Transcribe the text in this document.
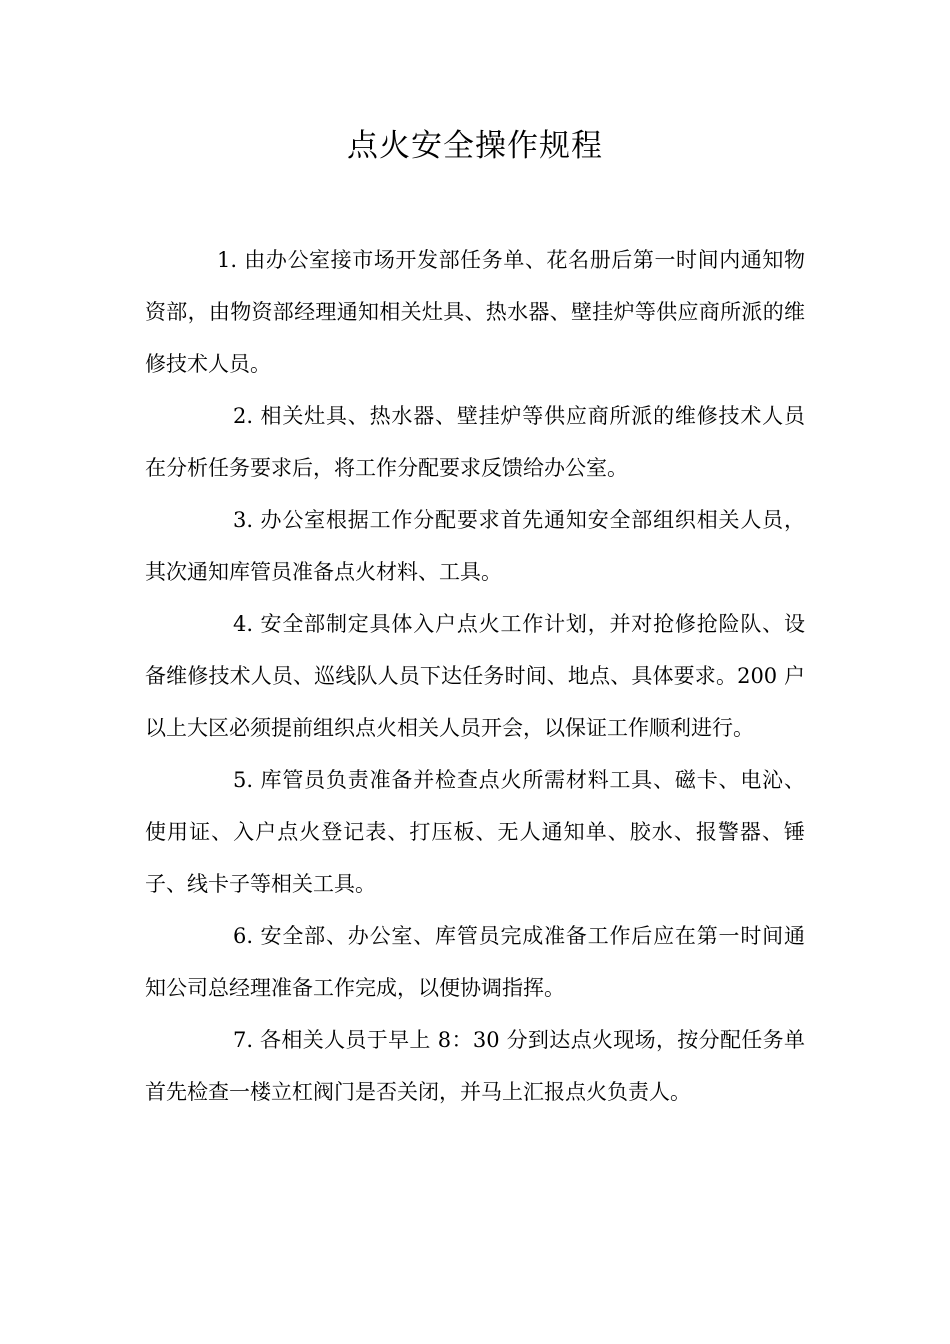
点火安全操作规程

1. 由办公室接市场开发部任务单、花名册后第一时间内通知物资部，由物资部经理通知相关灶具、热水器、壁挂炉等供应商所派的维修技术人员。

2. 相关灶具、热水器、壁挂炉等供应商所派的维修技术人员在分析任务要求后，将工作分配要求反馈给办公室。

3. 办公室根据工作分配要求首先通知安全部组织相关人员，其次通知库管员准备点火材料、工具。

4. 安全部制定具体入户点火工作计划，并对抢修抢险队、设备维修技术人员、巡线队人员下达任务时间、地点、具体要求。200 户以上大区必须提前组织点火相关人员开会，以保证工作顺利进行。

5. 库管员负责准备并检查点火所需材料工具、磁卡、电沁、使用证、入户点火登记表、打压板、无人通知单、胶水、报警器、锤子、线卡子等相关工具。

6. 安全部、办公室、库管员完成准备工作后应在第一时间通知公司总经理准备工作完成，以便协调指挥。

7. 各相关人员于早上 8：30 分到达点火现场，按分配任务单首先检查一楼立杠阀门是否关闭，并马上汇报点火负责人。
